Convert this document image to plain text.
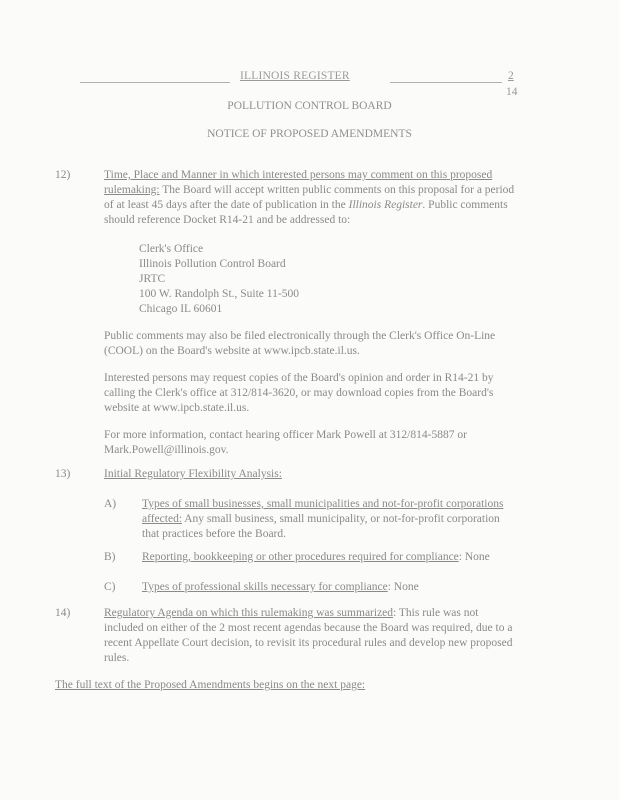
ILLINOIS REGISTER	2
14
POLLUTION CONTROL BOARD
NOTICE OF PROPOSED AMENDMENTS
12)	Time, Place and Manner in which interested persons may comment on this proposed
rulemaking: The Board will accept written public comments on this proposal for a period
of at least 45 days after the date of publication in the Illinois Register. Public comments
should reference Docket R14-21 and be addressed to:
Clerk's Office
Illinois Pollution Control Board
JRTC
100 W. Randolph St., Suite 11-500
Chicago IL 60601
Public comments may also be filed electronically through the Clerk's Office On-Line
(COOL) on the Board's website at www.ipcb.state.il.us.
Interested persons may request copies of the Board's opinion and order in R14-21 by
calling the Clerk's office at 312/814-3620, or may download copies from the Board's
website at www.ipcb.state.il.us.
For more information, contact hearing officer Mark Powell at 312/814-5887 or
Mark.Powell@illinois.gov.
13)	Initial Regulatory Flexibility Analysis:
A) Types of small businesses, small municipalities and not-for-profit corporations
affected: Any small business, small municipality, or not-for-profit corporation
that practices before the Board.
B) Reporting, bookkeeping or other procedures required for compliance: None
C) Types of professional skills necessary for compliance: None
14)	Regulatory Agenda on which this rulemaking was summarized: This rule was not
included on either of the 2 most recent agendas because the Board was required, due to a
recent Appellate Court decision, to revisit its procedural rules and develop new proposed
rules.
The full text of the Proposed Amendments begins on the next page:
